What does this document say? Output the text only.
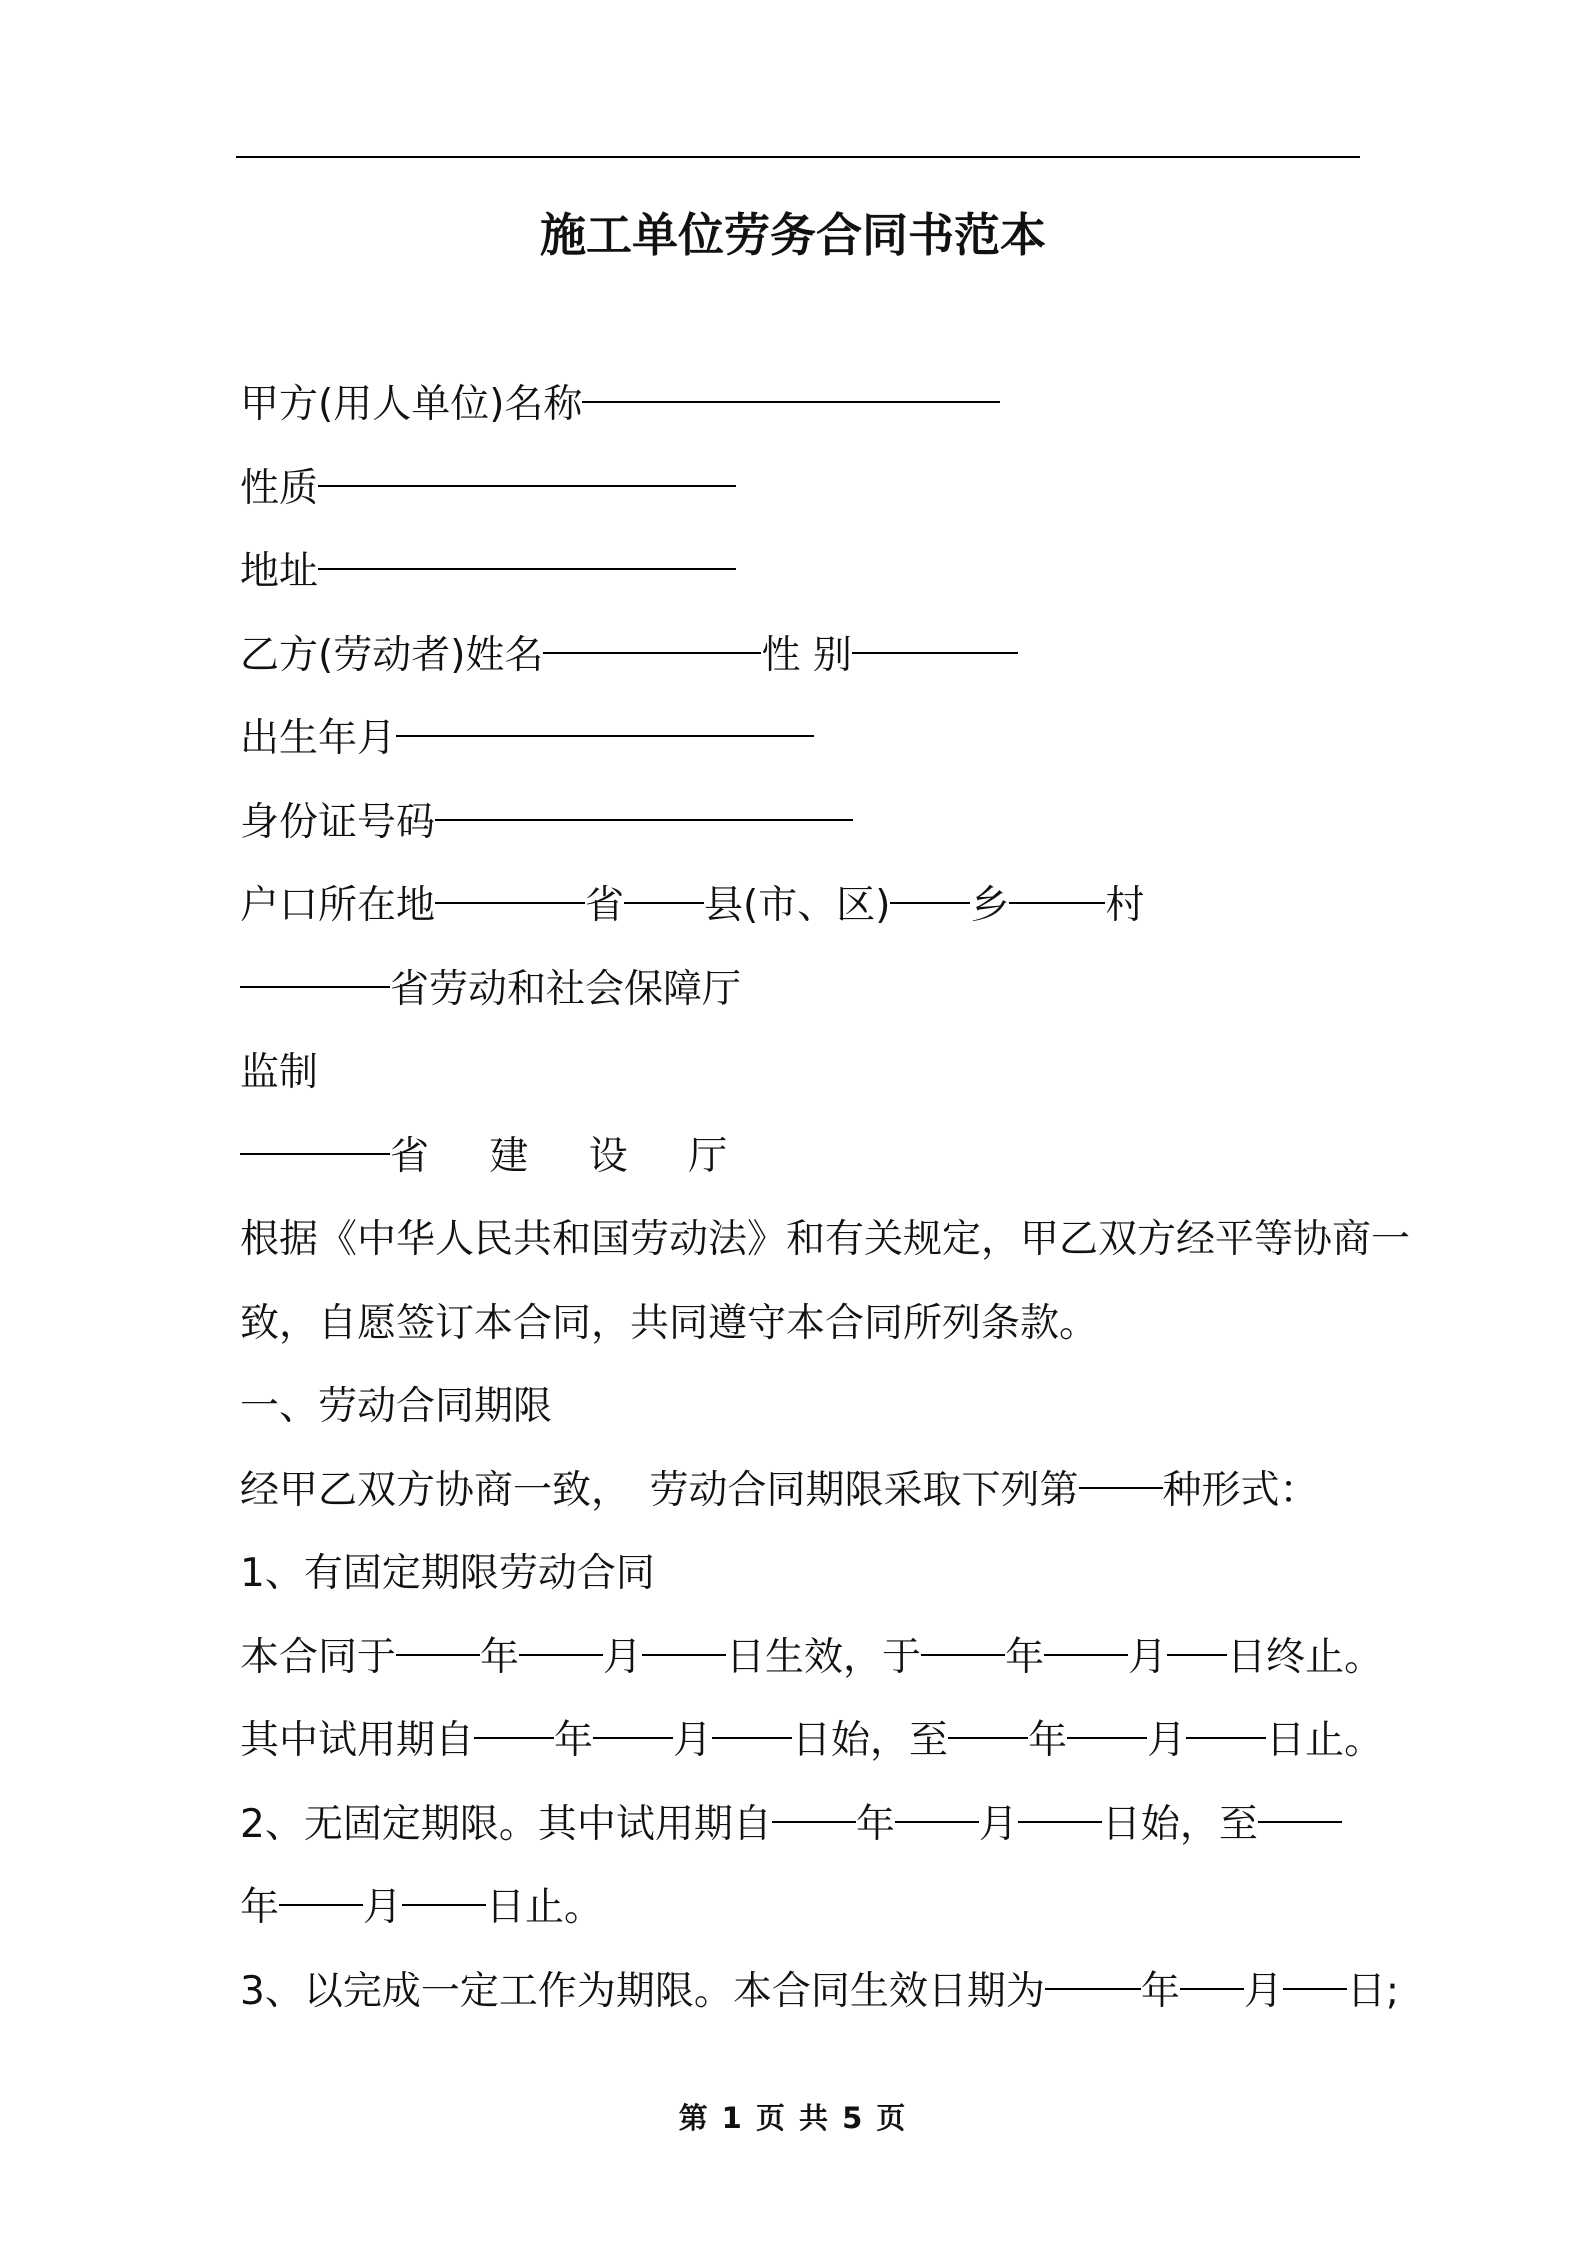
施工单位劳务合同书范本
甲方(用人单位)名称
性质
地址
乙方(劳动者)姓名	性 别
出生年月
身份证号码
户口所在地	省 县(市、区) 乡 村
省劳动和社会保障厅
监制
省 建 设 厅
根据《中华人民共和国劳动法》和有关规定，甲乙双方经平等协商一
致，自愿签订本合同，共同遵守本合同所列条款。
一、劳动合同期限
经甲乙双方协商一致，　劳动合同期限采取下列第 种形式：
1、有固定期限劳动合同
本合同于 年 月 日生效，于 年 月 日终止。
其中试用期自 年 月 日始，至 年 月 日止。
2、无固定期限。其中试用期自 年 月 日始，至
年 月 日止。
3、以完成一定工作为期限。本合同生效日期为 年 月 日;
第 1 页 共 5 页
